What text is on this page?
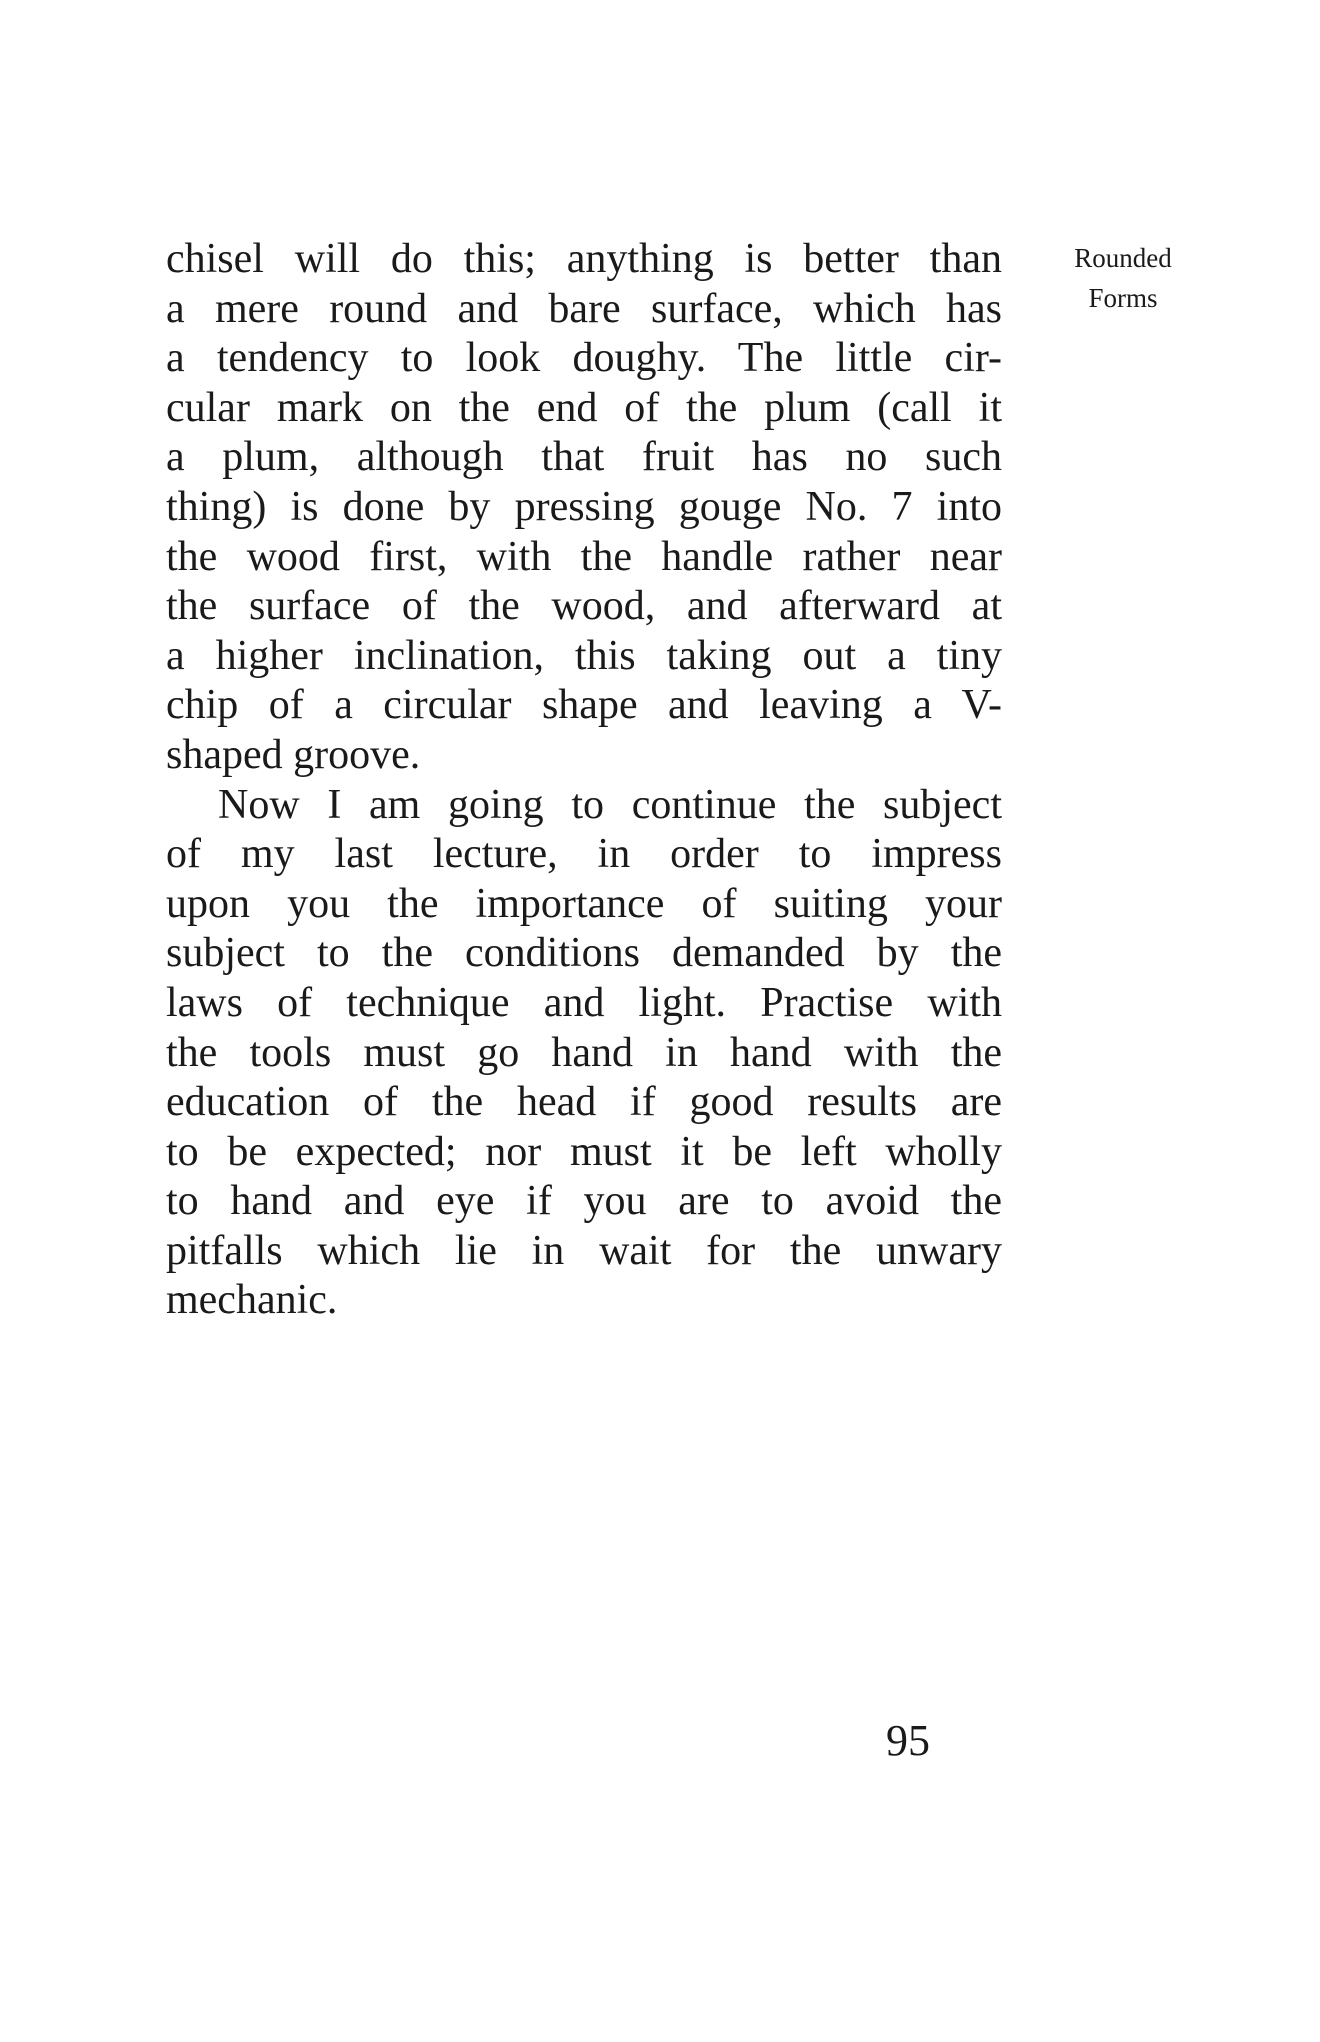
chisel will do this; anything is better than
a mere round and bare surface, which has
a tendency to look doughy. The little cir-
cular mark on the end of the plum (call it
a plum, although that fruit has no such
thing) is done by pressing gouge No. 7 into
the wood first, with the handle rather near
the surface of the wood, and afterward at
a higher inclination, this taking out a tiny
chip of a circular shape and leaving a V-
shaped groove.
Now I am going to continue the subject
of my last lecture, in order to impress
upon you the importance of suiting your
subject to the conditions demanded by the
laws of technique and light. Practise with
the tools must go hand in hand with the
education of the head if good results are
to be expected; nor must it be left wholly
to hand and eye if you are to avoid the
pitfalls which lie in wait for the unwary
mechanic.
Rounded
Forms
95
